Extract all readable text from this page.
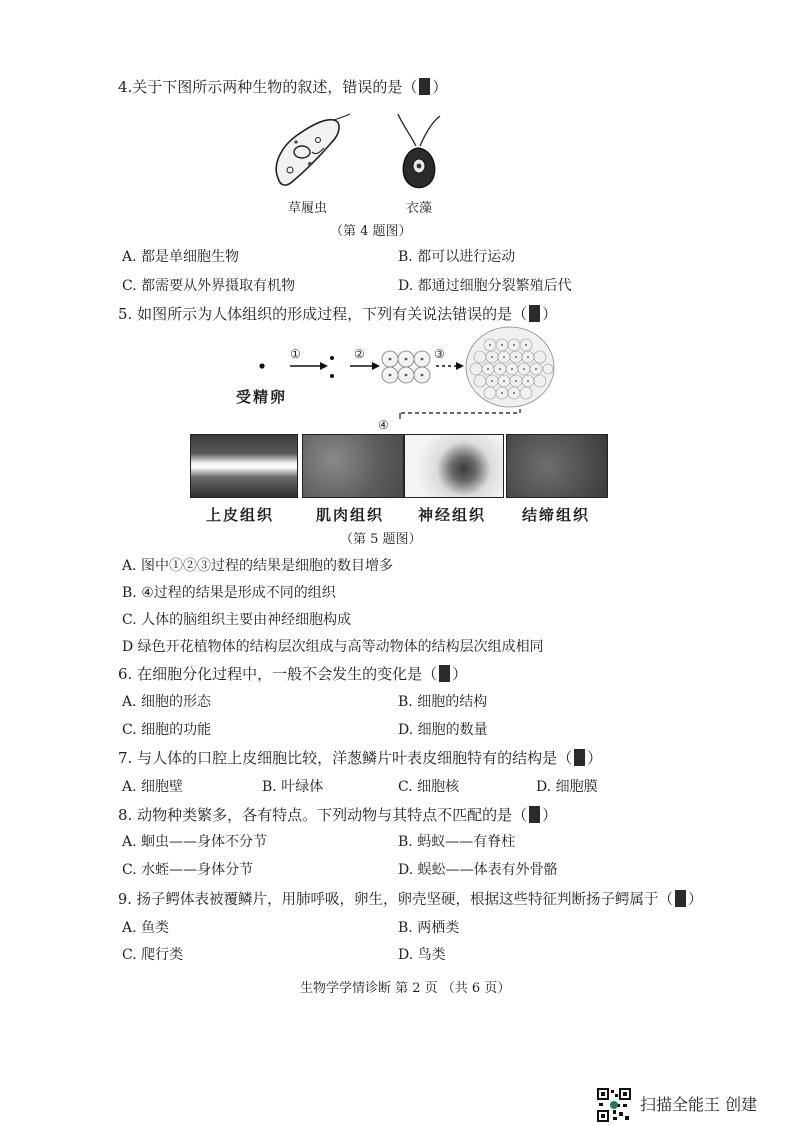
4.关于下图所示两种生物的叙述，错误的是（ ）
草履虫	衣藻
（第 4 题图）
A. 都是单细胞生物	B. 都可以进行运动
C. 都需要从外界摄取有机物	D. 都通过细胞分裂繁殖后代
5. 如图所示为人体组织的形成过程，下列有关说法错误的是（ ）
①	②	③
④
受精卵
上皮组织	肌肉组织 神经组织 结缔组织
（第 5 题图）
A. 图中①②③过程的结果是细胞的数目增多
B. ④过程的结果是形成不同的组织
C. 人体的脑组织主要由神经细胞构成
D 绿色开花植物体的结构层次组成与高等动物体的结构层次组成相同
6. 在细胞分化过程中，一般不会发生的变化是（ ）
A. 细胞的形态	B. 细胞的结构
C. 细胞的功能	D. 细胞的数量
7. 与人体的口腔上皮细胞比较，洋葱鳞片叶表皮细胞特有的结构是（ ）
A. 细胞壁	B. 叶绿体	C. 细胞核	D. 细胞膜
8. 动物种类繁多，各有特点。下列动物与其特点不匹配的是（ ）
A. 蛔虫——身体不分节	B. 蚂蚁——有脊柱
C. 水蛭——身体分节	D. 蜈蚣——体表有外骨骼
9. 扬子鳄体表被覆鳞片，用肺呼吸，卵生，卵壳坚硬，根据这些特征判断扬子鳄属于（ ）
A. 鱼类	B. 两栖类
C. 爬行类	D. 鸟类
生物学学情诊断 第 2 页 （共 6 页）
扫描全能王 创建
